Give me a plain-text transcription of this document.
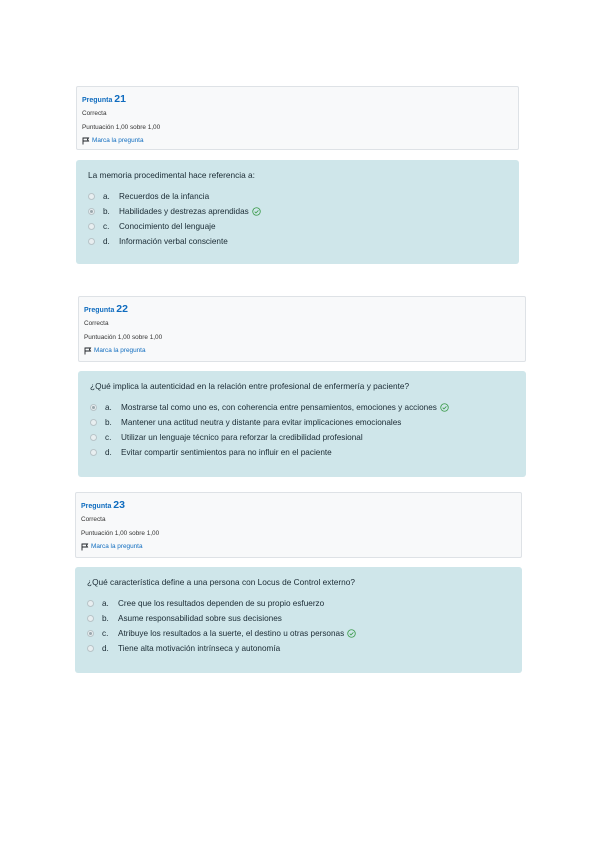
Pregunta 21
Correcta
Puntuación 1,00 sobre 1,00
Marca la pregunta
La memoria procedimental hace referencia a:
a.	Recuerdos de la infancia
b.	Habilidades y destrezas aprendidas
c.	Conocimiento del lenguaje
d.	Información verbal consciente
Pregunta 22
Correcta
Puntuación 1,00 sobre 1,00
Marca la pregunta
¿Qué implica la autenticidad en la relación entre profesional de enfermería y paciente?
a.	Mostrarse tal como uno es, con coherencia entre pensamientos, emociones y acciones
b.	Mantener una actitud neutra y distante para evitar implicaciones emocionales
c.	Utilizar un lenguaje técnico para reforzar la credibilidad profesional
d.	Evitar compartir sentimientos para no influir en el paciente
Pregunta 23
Correcta
Puntuación 1,00 sobre 1,00
Marca la pregunta
¿Qué característica define a una persona con Locus de Control externo?
a.	Cree que los resultados dependen de su propio esfuerzo
b.	Asume responsabilidad sobre sus decisiones
c.	Atribuye los resultados a la suerte, el destino u otras personas
d.	Tiene alta motivación intrínseca y autonomía
